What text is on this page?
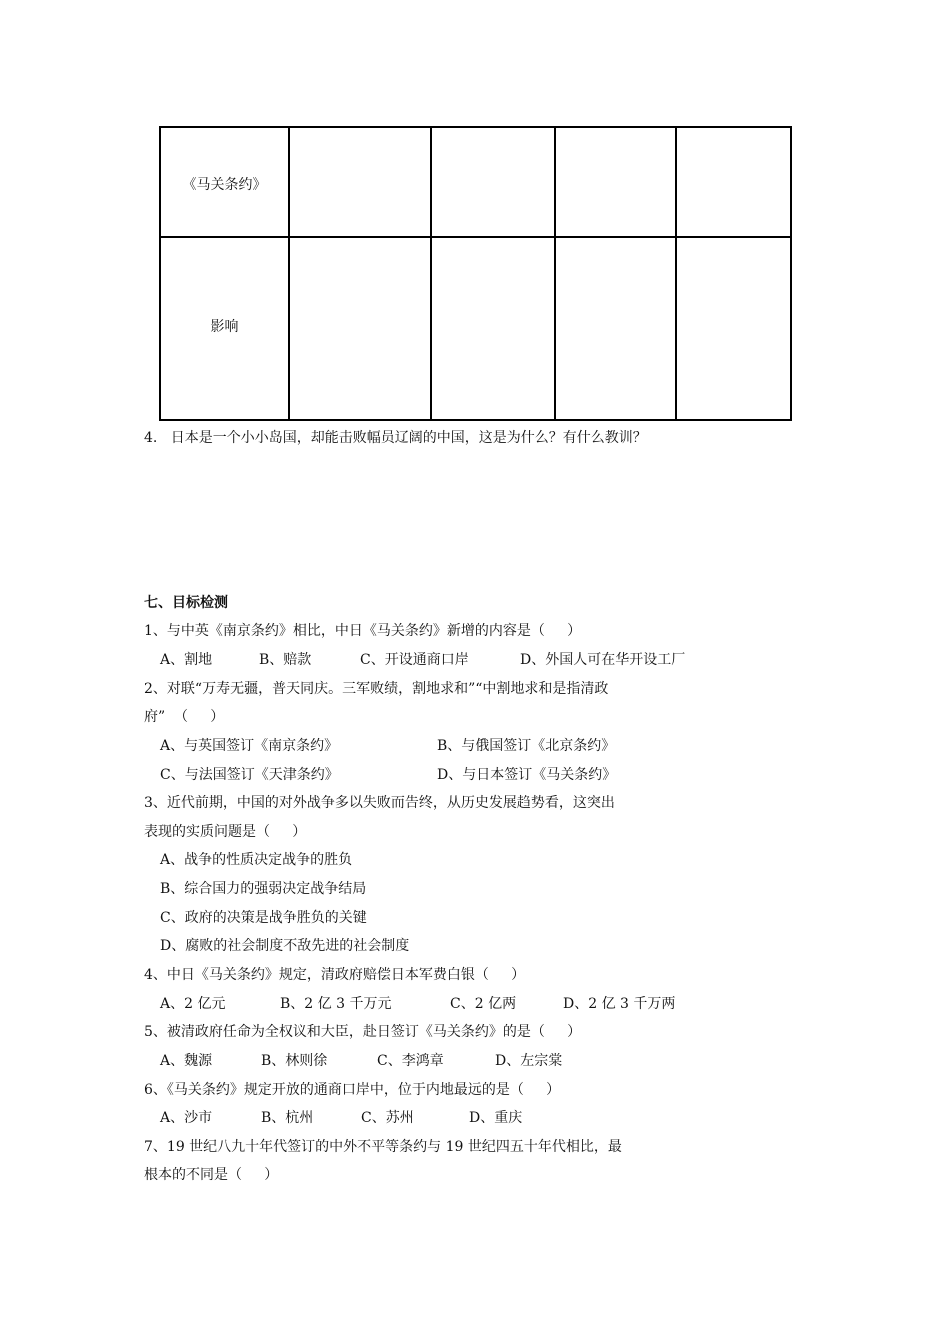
《马关条约》				
影响				
4.   日本是一个小小岛国，却能击败幅员辽阔的中国，这是为什么？有什么教训？
七、目标检测
1、与中英《南京条约》相比，中日《马关条约》新增的内容是（     ）
A、割地	B、赔款	C、开设通商口岸	D、外国人可在华开设工厂
2、对联“万寿无疆，普天同庆。三军败绩，割地求和”“中割地求和是指清政
府”  （     ）
A、与英国签订《南京条约》	B、与俄国签订《北京条约》
C、与法国签订《天津条约》	D、与日本签订《马关条约》
3、近代前期，中国的对外战争多以失败而告终，从历史发展趋势看，这突出
表现的实质问题是（     ）
A、战争的性质决定战争的胜负
B、综合国力的强弱决定战争结局
C、政府的决策是战争胜负的关键
D、腐败的社会制度不敌先进的社会制度
4、中日《马关条约》规定，清政府赔偿日本军费白银（     ）
A、2 亿元	B、2 亿 3 千万元	C、2 亿两	D、2 亿 3 千万两
5、被清政府任命为全权议和大臣，赴日签订《马关条约》的是（     ）
A、魏源	B、林则徐	C、李鸿章	D、左宗棠
6、《马关条约》规定开放的通商口岸中，位于内地最远的是（     ）
A、沙市	B、杭州	C、苏州	D、重庆
7、19 世纪八九十年代签订的中外不平等条约与 19 世纪四五十年代相比，最
根本的不同是（     ）
